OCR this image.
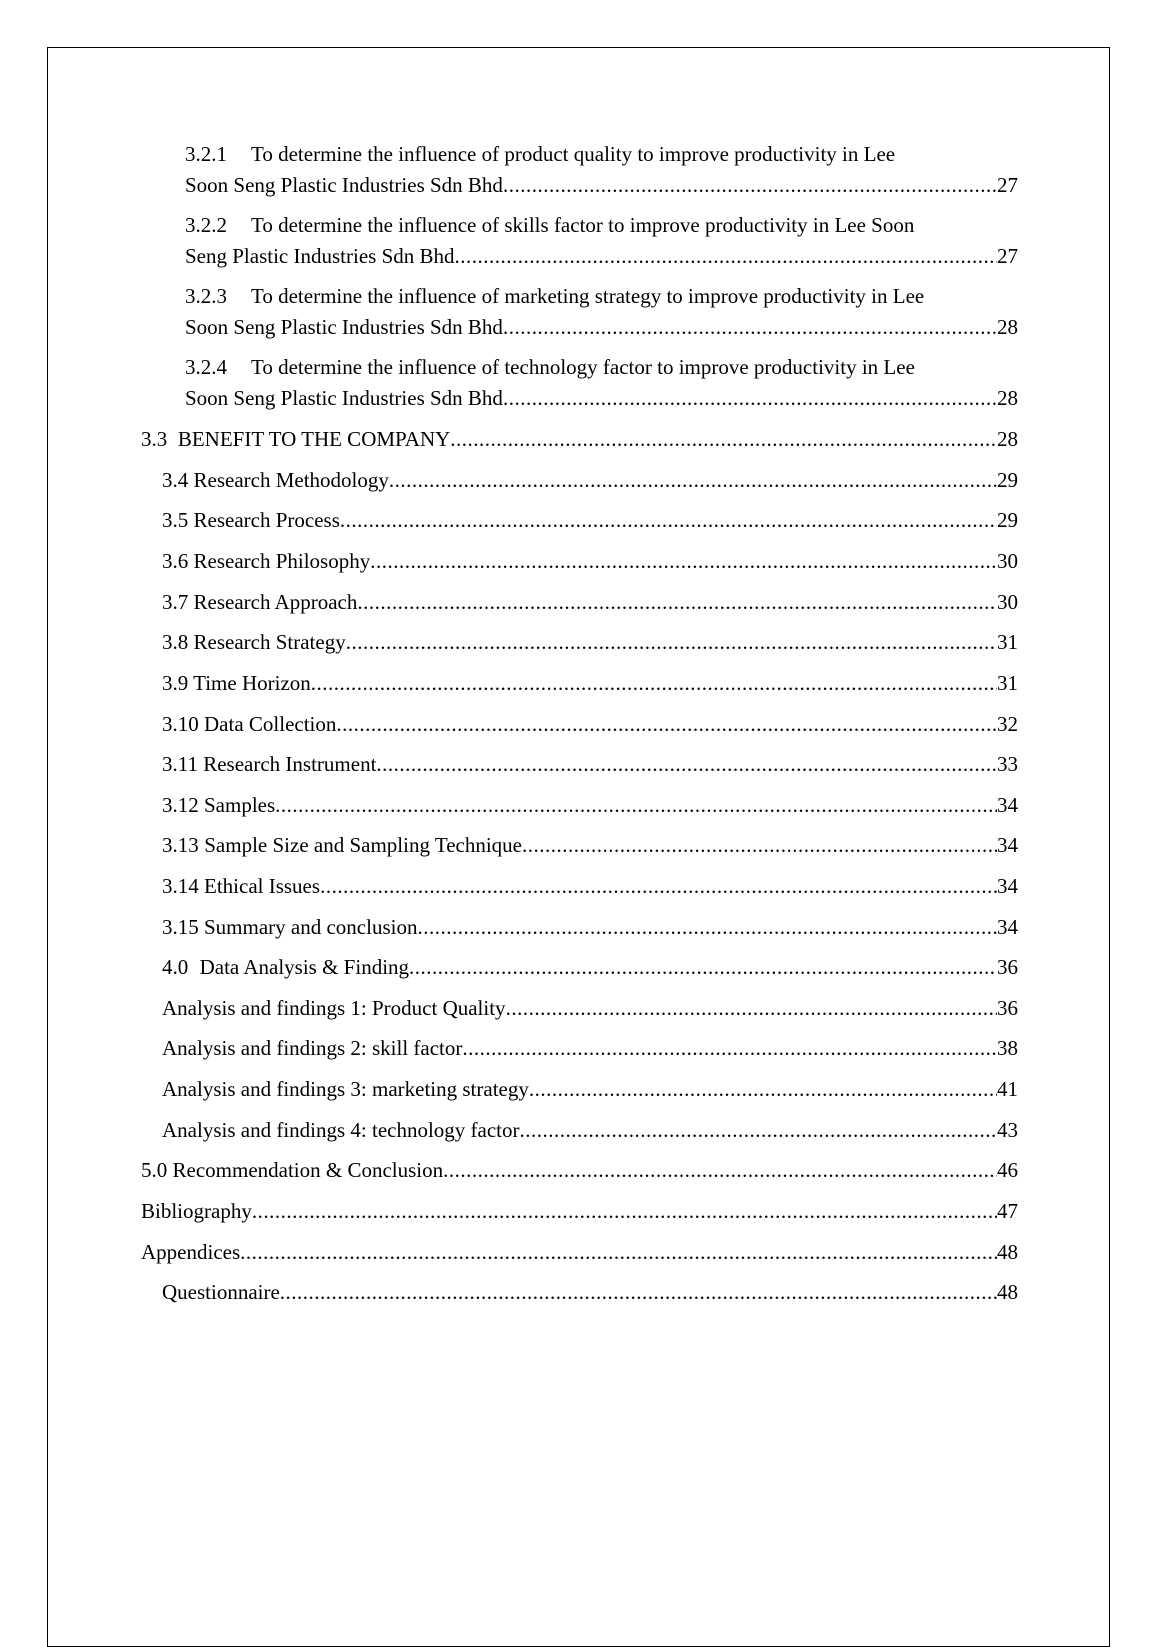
3.2.1 To determine the influence of product quality to improve productivity in Lee
Soon Seng Plastic Industries Sdn Bhd .....	27
3.2.2 To determine the influence of skills factor to improve productivity in Lee Soon
Seng Plastic Industries Sdn Bhd .....	27
3.2.3 To determine the influence of marketing strategy to improve productivity in Lee
Soon Seng Plastic Industries Sdn Bhd .....	28
3.2.4 To determine the influence of technology factor to improve productivity in Lee
Soon Seng Plastic Industries Sdn Bhd .....	28
3.3 BENEFIT TO THE COMPANY .....	28
3.4 Research Methodology .....	29
3.5 Research Process .....	29
3.6 Research Philosophy .....	30
3.7 Research Approach .....	30
3.8 Research Strategy .....	31
3.9 Time Horizon .....	31
3.10 Data Collection .....	32
3.11 Research Instrument .....	33
3.12 Samples .....	34
3.13 Sample Size and Sampling Technique .....	34
3.14 Ethical Issues .....	34
3.15 Summary and conclusion .....	34
4.0 Data Analysis & Finding .....	36
Analysis and findings 1: Product Quality .....	36
Analysis and findings 2: skill factor .....	38
Analysis and findings 3: marketing strategy .....	41
Analysis and findings 4: technology factor .....	43
5.0 Recommendation & Conclusion .....	46
Bibliography .....	47
Appendices .....	48
Questionnaire .....	48
